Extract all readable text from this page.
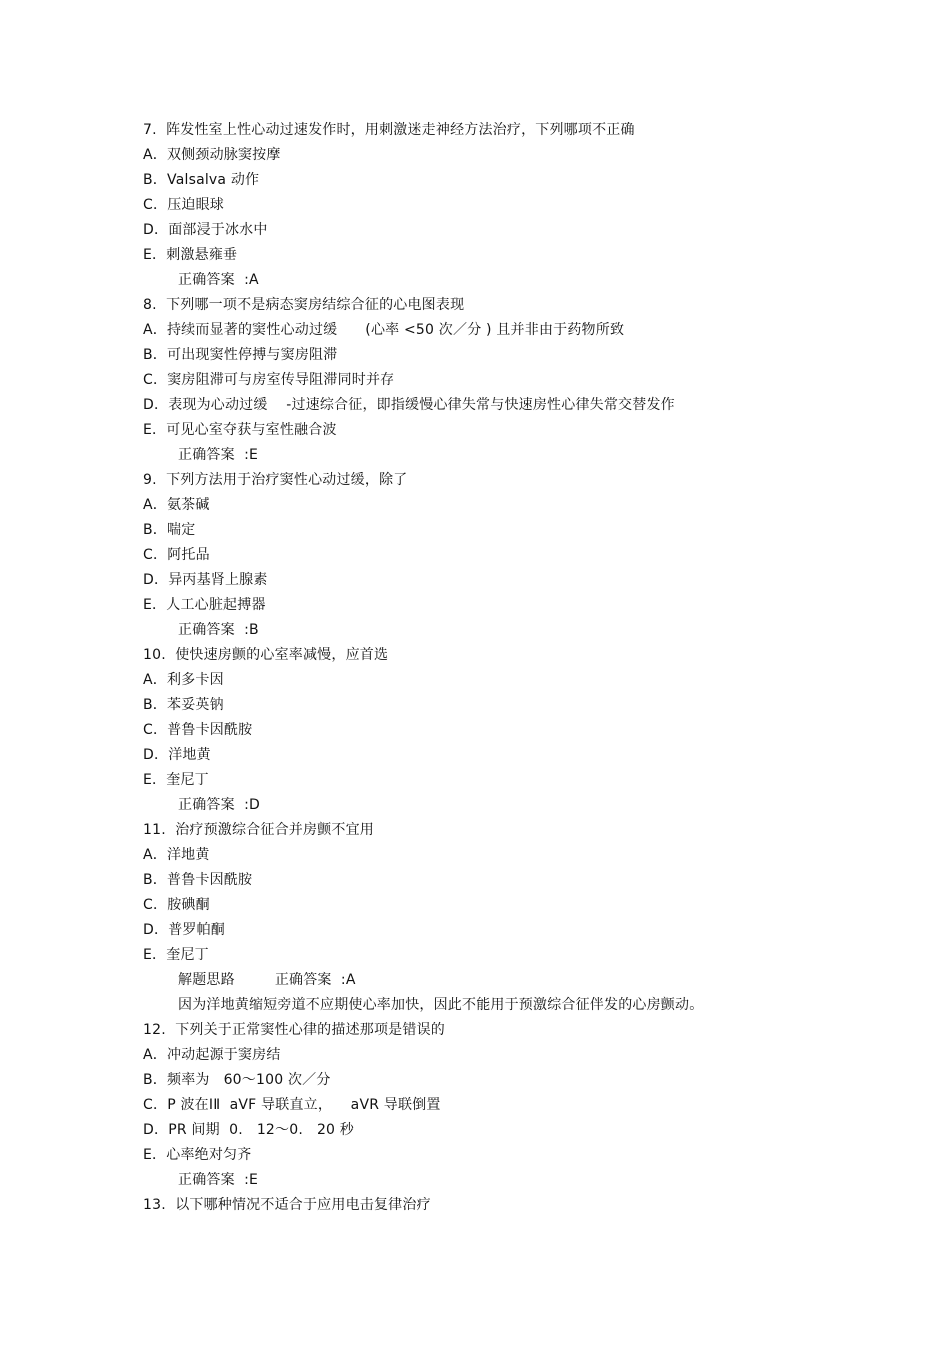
7. 阵发性室上性心动过速发作时，用刺激迷走神经方法治疗，下列哪项不正确
A．双侧颈动脉窦按摩
B．Valsalva 动作
C．压迫眼球
D．面部浸于冰水中
E．刺激悬雍垂
正确答案  :A
8. 下列哪一项不是病态窦房结综合征的心电图表现
A．持续而显著的窦性心动过缓      (心率 <50 次／分 ) 且并非由于药物所致
B．可出现窦性停搏与窦房阻滞
C．窦房阻滞可与房室传导阻滞同时并存
D．表现为心动过缓    -过速综合征，即指缓慢心律失常与快速房性心律失常交替发作
E．可见心室夺获与室性融合波
正确答案  :E
9. 下列方法用于治疗窦性心动过缓，除了
A．氨茶碱
B．喘定
C．阿托品
D．异丙基肾上腺素
E．人工心脏起搏器
正确答案  :B
10. 使快速房颤的心室率减慢，应首选
A．利多卡因
B．苯妥英钠
C．普鲁卡因酰胺
D．洋地黄
E．奎尼丁
正确答案  :D
11. 治疗预激综合征合并房颤不宜用
A．洋地黄
B．普鲁卡因酰胺
C．胺碘酮
D．普罗帕酮
E．奎尼丁
解题思路	正确答案  :A
因为洋地黄缩短旁道不应期使心率加快，因此不能用于预激综合征伴发的心房颤动。
12. 下列关于正常窦性心律的描述那项是错误的
A．冲动起源于窦房结
B．频率为   60～100 次／分
C．P 波在ⅠⅡ  aVF 导联直立，    aVR 导联倒置
D．PR 间期  0.   12～0.   20 秒
E．心率绝对匀齐
正确答案  :E
13. 以下哪种情况不适合于应用电击复律治疗
